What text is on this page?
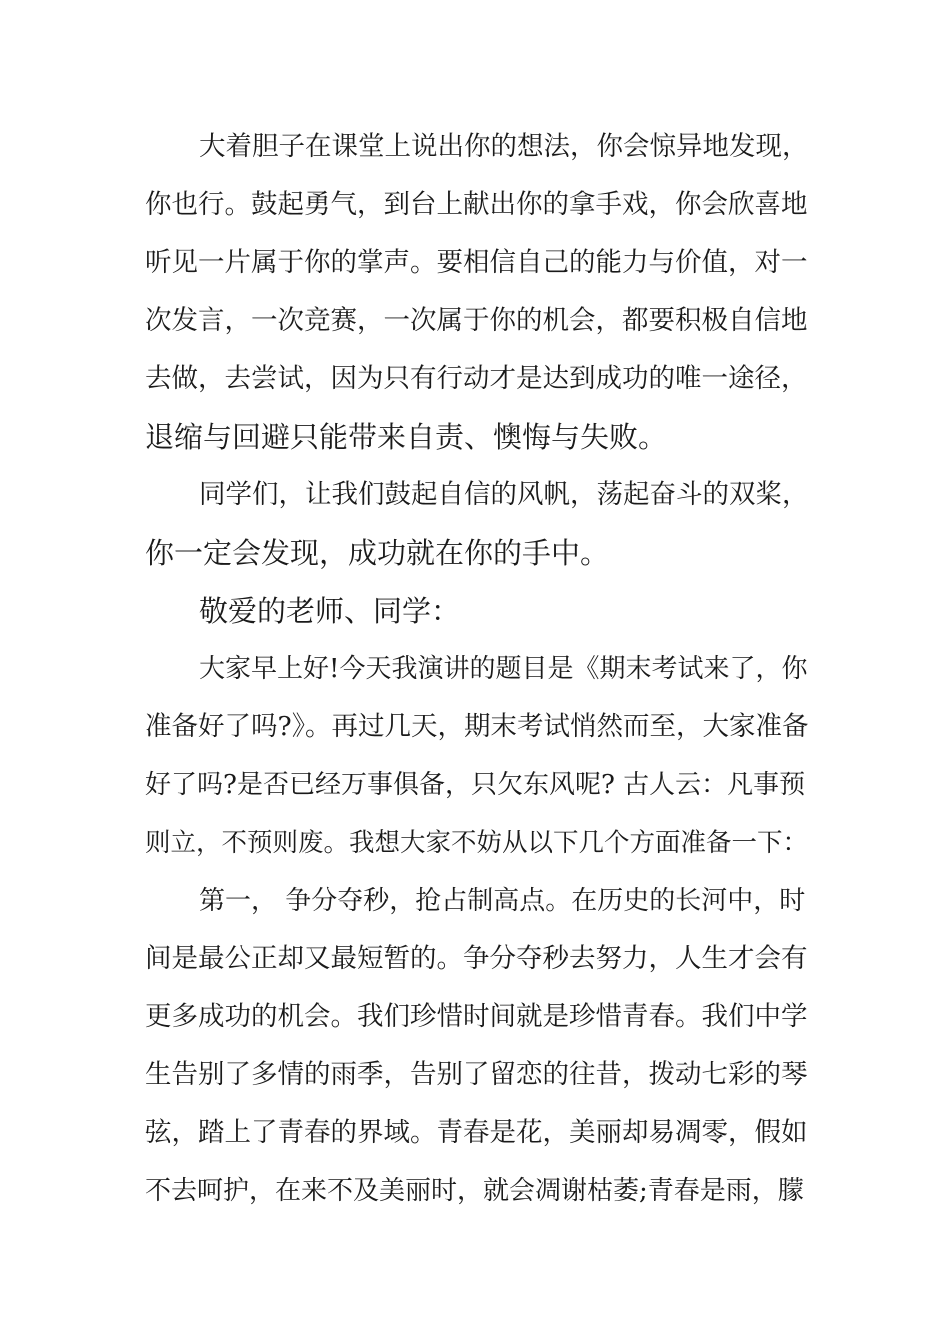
大着胆子在课堂上说出你的想法，你会惊异地发现，
你也行。鼓起勇气，到台上献出你的拿手戏，你会欣喜地
听见一片属于你的掌声。要相信自己的能力与价值，对一
次发言，一次竞赛，一次属于你的机会，都要积极自信地
去做，去尝试，因为只有行动才是达到成功的唯一途径，
退缩与回避只能带来自责、懊悔与失败。
同学们，让我们鼓起自信的风帆，荡起奋斗的双桨，
你一定会发现，成功就在你的手中。
敬爱的老师、同学：
大家早上好!今天我演讲的题目是《期末考试来了，你
准备好了吗?》。再过几天，期末考试悄然而至，大家准备
好了吗?是否已经万事俱备，只欠东风呢? 古人云：凡事预
则立，不预则废。我想大家不妨从以下几个方面准备一下：
第一， 争分夺秒，抢占制高点。在历史的长河中，时
间是最公正却又最短暂的。争分夺秒去努力，人生才会有
更多成功的机会。我们珍惜时间就是珍惜青春。我们中学
生告别了多情的雨季，告别了留恋的往昔，拨动七彩的琴
弦，踏上了青春的界域。青春是花，美丽却易凋零，假如
不去呵护，在来不及美丽时，就会凋谢枯萎;青春是雨，朦
